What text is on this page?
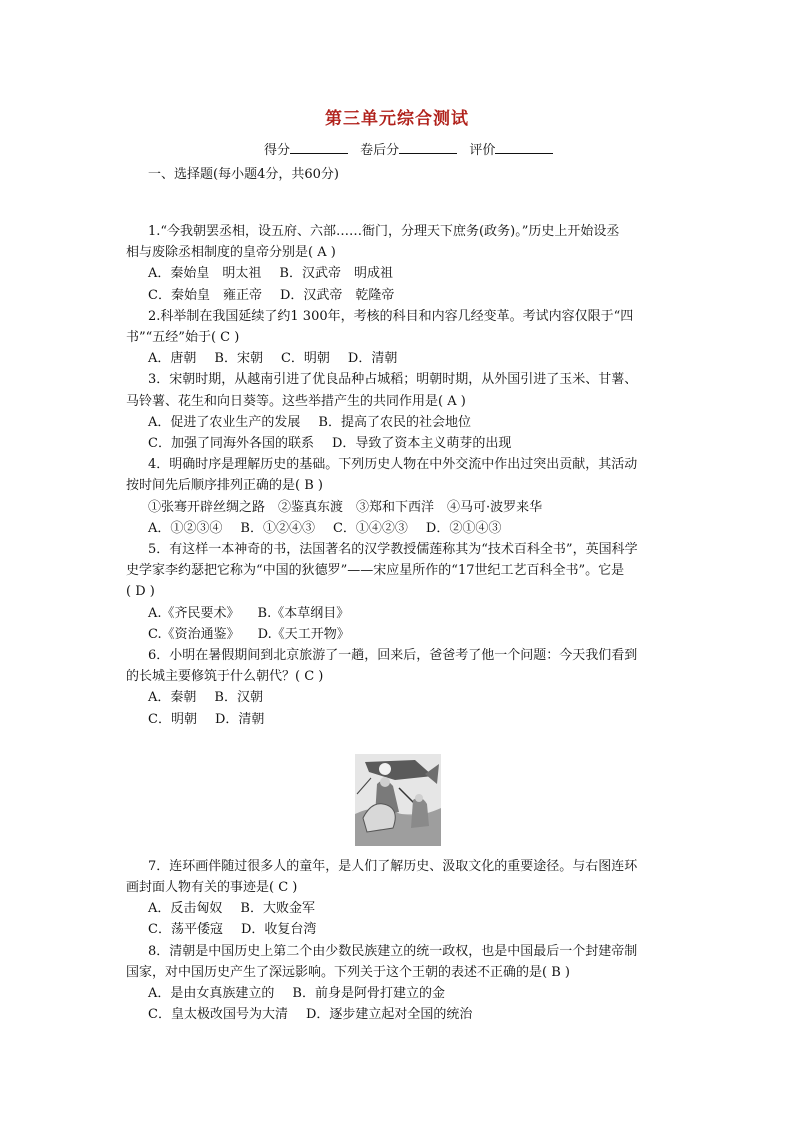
第三单元综合测试
得分	卷后分	评价
一、选择题(每小题4分，共60分)

1.“今我朝罢丞相，设五府、六部……衙门，分理天下庶务(政务)。”历史上开始设丞

相与废除丞相制度的皇帝分别是( A )

A．秦始皇　明太祖 B．汉武帝　明成祖

C．秦始皇　雍正帝 D．汉武帝　乾隆帝

2.科举制在我国延续了约1 300年，考核的科目和内容几经变革。考试内容仅限于“四

书”“五经”始于( C )

A．唐朝 B．宋朝 C．明朝 D．清朝

3．宋朝时期，从越南引进了优良品种占城稻；明朝时期，从外国引进了玉米、甘薯、

马铃薯、花生和向日葵等。这些举措产生的共同作用是( A )

A．促进了农业生产的发展 B．提高了农民的社会地位

C．加强了同海外各国的联系 D．导致了资本主义萌芽的出现

4．明确时序是理解历史的基础。下列历史人物在中外交流中作出过突出贡献，其活动

按时间先后顺序排列正确的是( B )

①张骞开辟丝绸之路　②鉴真东渡　③郑和下西洋　④马可·波罗来华

A．①②③④ B．①②④③ C．①④②③ D．②①④③

5．有这样一本神奇的书，法国著名的汉学教授儒莲称其为“技术百科全书”，英国科学

史学家李约瑟把它称为“中国的狄德罗”——宋应星所作的“17世纪工艺百科全书”。它是

( D )

A.《齐民要术》 B.《本草纲目》

C.《资治通鉴》 D.《天工开物》

6．小明在暑假期间到北京旅游了一趟，回来后，爸爸考了他一个问题：今天我们看到

的长城主要修筑于什么朝代？( C )

A．秦朝 B．汉朝

C．明朝 D．清朝

7．连环画伴随过很多人的童年，是人们了解历史、汲取文化的重要途径。与右图连环

画封面人物有关的事迹是( C )

A．反击匈奴 B．大败金军

C．荡平倭寇 D．收复台湾

8．清朝是中国历史上第二个由少数民族建立的统一政权，也是中国最后一个封建帝制

国家，对中国历史产生了深远影响。下列关于这个王朝的表述不正确的是( B )

A．是由女真族建立的 B．前身是阿骨打建立的金

C．皇太极改国号为大清 D．逐步建立起对全国的统治
